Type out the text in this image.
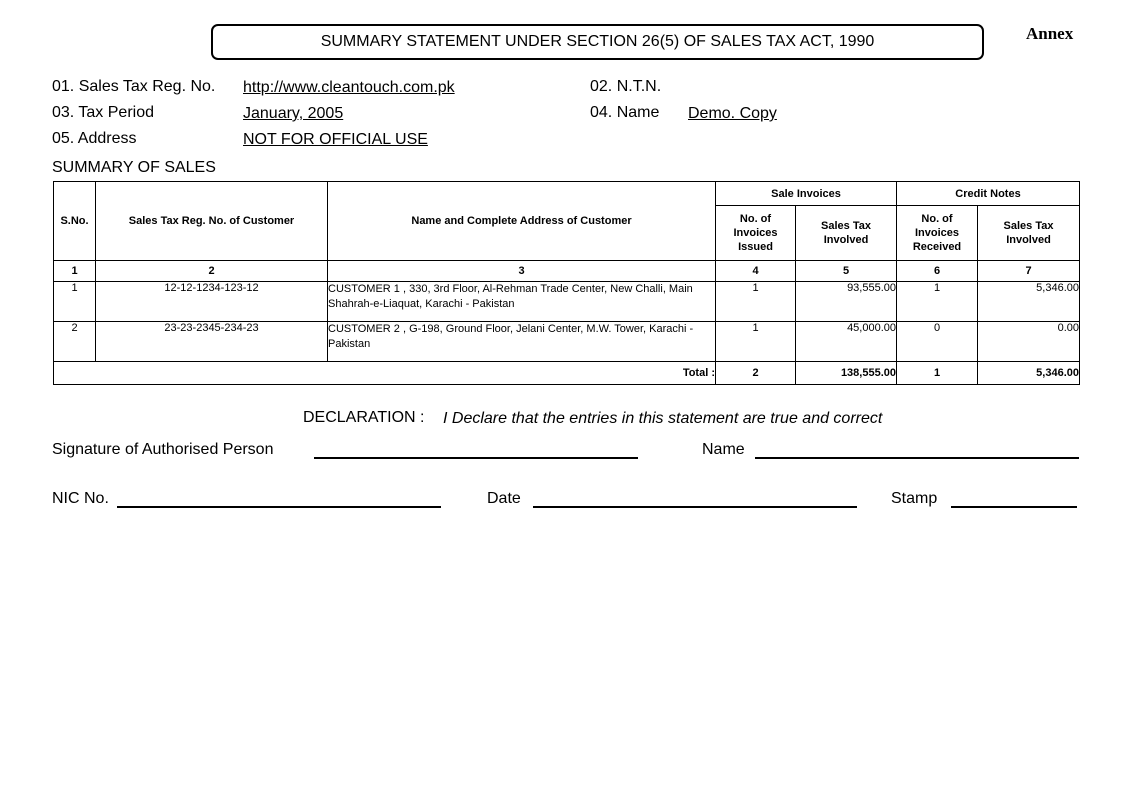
SUMMARY STATEMENT UNDER SECTION 26(5) OF SALES TAX ACT, 1990	Annex
01. Sales Tax Reg. No. http://www.cleantouch.com.pk	02. N.T.N.
03. Tax Period	January, 2005	04. Name Demo. Copy
05. Address	NOT FOR OFFICIAL USE
SUMMARY OF SALES
S.No.	Sales Tax Reg. No. of Customer	Name and Complete Address of Customer	Sale Invoices		Credit Notes	
			No. of Invoices Issued	Sales Tax Involved	No. of Invoices Received	Sales Tax Involved
1	2	3	4	5	6	7
1	12-12-1234-123-12	CUSTOMER 1 , 330, 3rd Floor, Al-Rehman Trade Center, New Challi, Main Shahrah-e-Liaquat, Karachi - Pakistan	1	93,555.00	1	5,346.00
2	23-23-2345-234-23	CUSTOMER 2 , G-198, Ground Floor, Jelani Center, M.W. Tower, Karachi - Pakistan	1	45,000.00	0	0.00
Total :			2	138,555.00	1	5,346.00
DECLARATION : I Declare that the entries in this statement are true and correct
Signature of Authorised Person	Name
NIC No.	Date	Stamp
